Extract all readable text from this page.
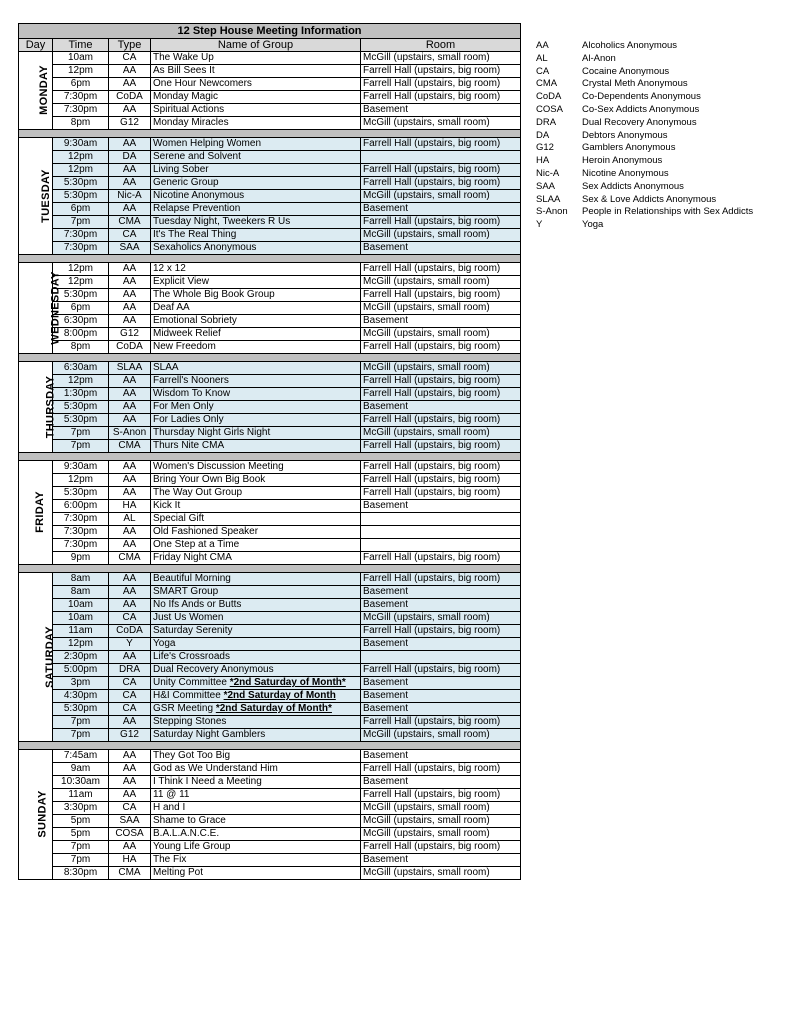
12 Step House Meeting Information				
Day	Time	Type	Name of Group	Room
MONDAY	10am	CA	The Wake Up	McGill (upstairs, small room)
	12pm	AA	As Bill Sees It	Farrell Hall (upstairs, big room)
	6pm	AA	One Hour Newcomers	Farrell Hall (upstairs, big room)
	7:30pm	CoDA	Monday Magic	Farrell Hall (upstairs, big room)
	7:30pm	AA	Spiritual Actions	Basement
	8pm	G12	Monday Miracles	McGill (upstairs, small room)

TUESDAY	9:30am	AA	Women Helping Women	Farrell Hall (upstairs, big room)
	12pm	DA	Serene and Solvent	
	12pm	AA	Living Sober	Farrell Hall (upstairs, big room)
	5:30pm	AA	Generic Group	Farrell Hall (upstairs, big room)
	5:30pm	Nic-A	Nicotine Anonymous	McGill (upstairs, small room)
	6pm	AA	Relapse Prevention	Basement
	7pm	CMA	Tuesday Night, Tweekers R Us	Farrell Hall (upstairs, big room)
	7:30pm	CA	It's The Real Thing	McGill (upstairs, small room)
	7:30pm	SAA	Sexaholics Anonymous	Basement

WEDNESDAY	12pm	AA	12 x 12	Farrell Hall (upstairs, big room)
	12pm	AA	Explicit View	McGill (upstairs, small room)
	5:30pm	AA	The Whole Big Book Group	Farrell Hall (upstairs, big room)
	6pm	AA	Deaf AA	McGill (upstairs, small room)
	6:30pm	AA	Emotional Sobriety	Basement
	8:00pm	G12	Midweek Relief	McGill (upstairs, small room)
	8pm	CoDA	New Freedom	Farrell Hall (upstairs, big room)

THURSDAY	6:30am	SLAA	SLAA	McGill (upstairs, small room)
	12pm	AA	Farrell's Nooners	Farrell Hall (upstairs, big room)
	1:30pm	AA	Wisdom To Know	Farrell Hall (upstairs, big room)
	5:30pm	AA	For Men Only	Basement
	5:30pm	AA	For Ladies Only	Farrell Hall (upstairs, big room)
	7pm	S-Anon	Thursday Night Girls Night	McGill (upstairs, small room)
	7pm	CMA	Thurs Nite CMA	Farrell Hall (upstairs, big room)

FRIDAY	9:30am	AA	Women's Discussion Meeting	Farrell Hall (upstairs, big room)
	12pm	AA	Bring Your Own Big Book	Farrell Hall (upstairs, big room)
	5:30pm	AA	The Way Out Group	Farrell Hall (upstairs, big room)
	6:00pm	HA	Kick It	Basement
	7:30pm	AL	Special Gift	
	7:30pm	AA	Old Fashioned Speaker	
	7:30pm	AA	One Step at a Time	
	9pm	CMA	Friday Night CMA	Farrell Hall (upstairs, big room)

SATURDAY	8am	AA	Beautiful Morning	Farrell Hall (upstairs, big room)
	8am	AA	SMART Group	Basement
	10am	AA	No Ifs Ands or Butts	Basement
	10am	CA	Just Us Women	McGill (upstairs, small room)
	11am	CoDA	Saturday Serenity	Farrell Hall (upstairs, big room)
	12pm	Y	Yoga	Basement
	2:30pm	AA	Life's Crossroads	
	5:00pm	DRA	Dual Recovery Anonymous	Farrell Hall (upstairs, big room)
	3pm	CA	Unity Committee *2nd Saturday of Month*	Basement
	4:30pm	CA	H&I Committee *2nd Saturday of Month	Basement
	5:30pm	CA	GSR Meeting *2nd Saturday of Month*	Basement
	7pm	AA	Stepping Stones	Farrell Hall (upstairs, big room)
	7pm	G12	Saturday Night Gamblers	McGill (upstairs, small room)

SUNDAY	7:45am	AA	They Got Too Big	Basement
	9am	AA	God as We Understand Him	Farrell Hall (upstairs, big room)
	10:30am	AA	I Think I Need a Meeting	Basement
	11am	AA	11 @ 11	Farrell Hall (upstairs, big room)
	3:30pm	CA	H and I	McGill (upstairs, small room)
	5pm	SAA	Shame to Grace	McGill (upstairs, small room)
	5pm	COSA	B.A.L.A.N.C.E.	McGill (upstairs, small room)
	7pm	AA	Young Life Group	Farrell Hall (upstairs, big room)
	7pm	HA	The Fix	Basement
	8:30pm	CMA	Melting Pot	McGill (upstairs, small room)
AA	Alcoholics Anonymous
AL	Al-Anon
CA	Cocaine Anonymous
CMA	Crystal Meth Anonymous
CoDA Co-Dependents Anonymous
COSA Co-Sex Addicts Anonymous
DRA	Dual Recovery Anonymous
DA	Debtors Anonymous
G12	Gamblers Anonymous
HA	Heroin Anonymous
Nic-A Nicotine Anonymous
SAA	Sex Addicts Anonymous
SLAA Sex & Love Addicts Anonymous
S-Anon People in Relationships with Sex Addicts
Y	Yoga
